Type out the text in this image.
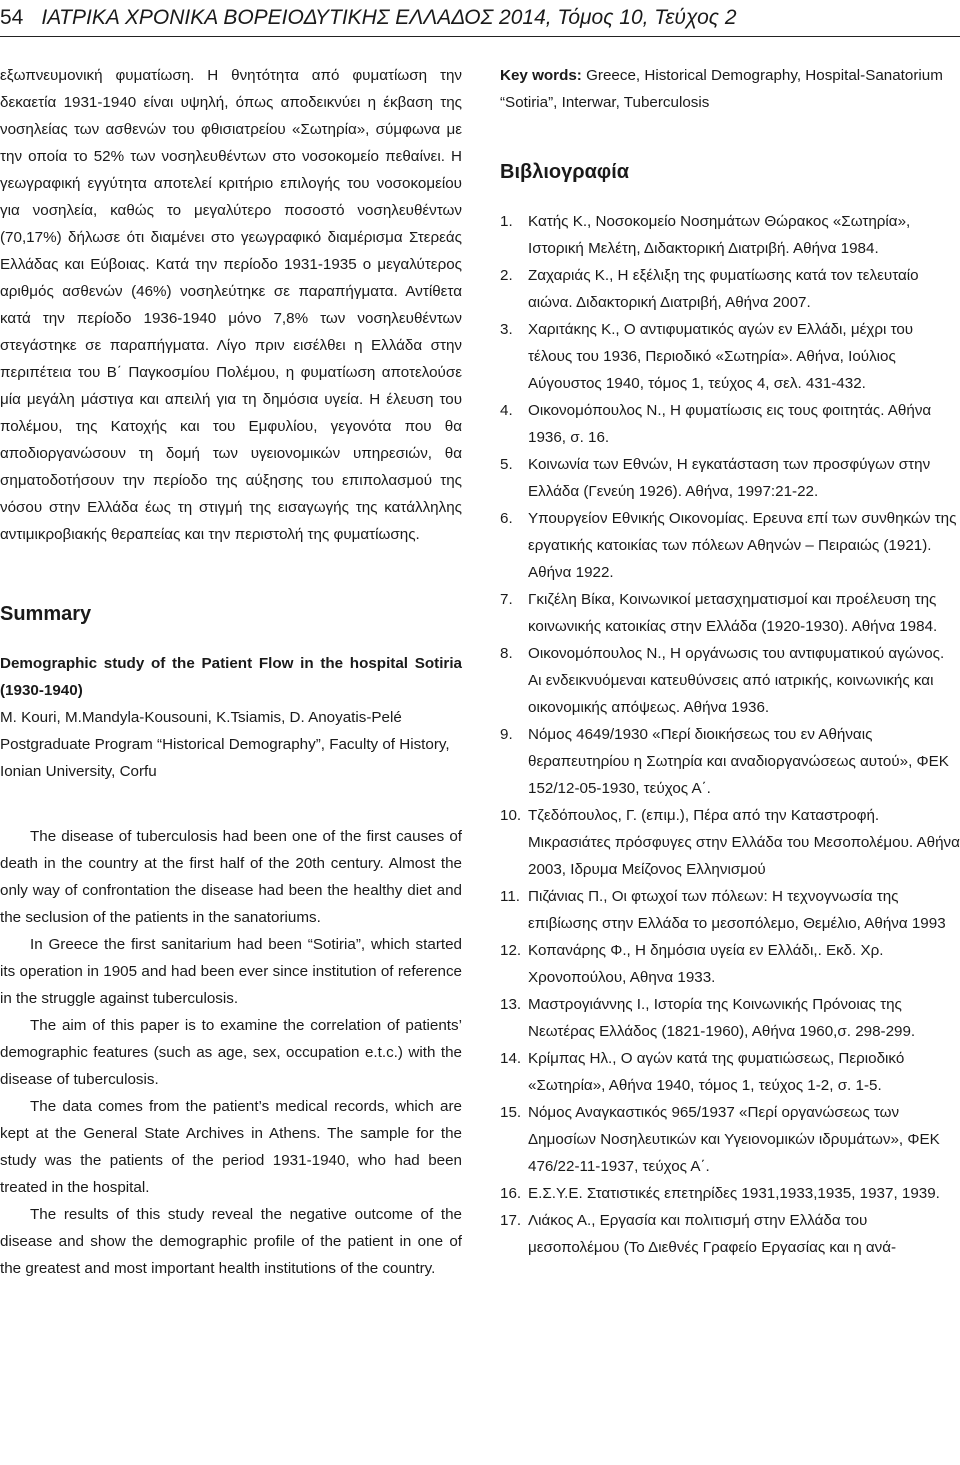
54 ΙΑΤΡΙΚΑ ΧΡΟΝΙΚΑ ΒΟΡΕΙΟΔΥΤΙΚΗΣ ΕΛΛΑΔΟΣ 2014, Τόμος 10, Τεύχος 2

εξωπνευμονική φυματίωση. Η θνητότητα από φυματίωση την δεκαετία 1931-1940 είναι υψηλή, όπως αποδεικνύει η έκβαση της νοσηλείας των ασθενών του φθισιατρείου «Σωτηρία», σύμφωνα με την οποία το 52% των νοσηλευθέντων στο νοσοκομείο πεθαίνει. Η γεωγραφική εγγύτητα αποτελεί κριτήριο επιλογής του νοσοκομείου για νοσηλεία, καθώς το μεγαλύτερο ποσοστό νοσηλευθέντων (70,17%) δήλωσε ότι διαμένει στο γεωγραφικό διαμέρισμα Στερεάς Ελλάδας και Εύβοιας. Κατά την περίοδο 1931-1935 ο μεγαλύτερος αριθμός ασθενών (46%) νοσηλεύτηκε σε παραπήγματα. Αντίθετα κατά την περίοδο 1936-1940 μόνο 7,8% των νοσηλευθέντων στεγάστηκε σε παραπήγματα. Λίγο πριν εισέλθει η Ελλάδα στην περιπέτεια του Β΄ Παγκοσμίου Πολέμου, η φυματίωση αποτελούσε μία μεγάλη μάστιγα και απειλή για τη δημόσια υγεία. Η έλευση του πολέμου, της Κατοχής και του Εμφυλίου, γεγονότα που θα αποδιοργανώσουν τη δομή των υγειονομικών υπηρεσιών, θα σηματοδοτήσουν την περίοδο της αύξησης του επιπολασμού της νόσου στην Ελλάδα έως τη στιγμή της εισαγωγής της κατάλληλης αντιμικροβιακής θεραπείας και την περιστολή της φυματίωσης.

Summary

Demographic study of the Patient Flow in the hospital Sotiria (1930-1940)

M. Kouri, M.Mandyla-Kousouni, K.Tsiamis, D. Anoyatis-Pelé

Postgraduate Program “Historical Demography”, Faculty of History, Ionian University, Corfu

The disease of tuberculosis had been one of the first causes of death in the country at the first half of the 20th century. Almost the only way of confrontation the disease had been the healthy diet and the seclusion of the patients in the sanatoriums.

In Greece the first sanitarium had been “Sotiria”, which started its operation in 1905 and had been ever since institution of reference in the struggle against tuberculosis.

The aim of this paper is to examine the correlation of patients’ demographic features (such as age, sex, occupation e.t.c.) with the disease of tuberculosis.

The data comes from the patient’s medical records, which are kept at the General State Archives in Athens. The sample for the study was the patients of the period 1931-1940, who had been treated in the hospital.

The results of this study reveal the negative outcome of the disease and show the demographic profile of the patient in one of the greatest and most important health institutions of the country.

Key words: Greece, Historical Demography, Hospital-Sanatorium “Sotiria”, Interwar, Tuberculosis

Βιβλιογραφία
1.	Κατής Κ., Νοσοκομείο Νοσημάτων Θώρακος «Σωτηρία», Ιστορική Μελέτη, Διδακτορική Διατριβή. Αθήνα 1984.
2.	Ζαχαριάς Κ., Η εξέλιξη της φυματίωσης κατά τον τελευταίο αιώνα. Διδακτορική Διατριβή, Αθήνα 2007.
3.	Χαριτάκης Κ., Ο αντιφυματικός αγών εν Ελλάδι, μέχρι του τέλους του 1936, Περιοδικό «Σωτηρία». Αθήνα, Ιούλιος Αύγουστος 1940, τόμος 1, τεύχος 4, σελ. 431-432.
4.	Οικονομόπουλος Ν., Η φυματίωσις εις τους φοιτητάς. Αθήνα 1936, σ. 16.
5.	Κοινωνία των Εθνών, Η εγκατάσταση των προσφύγων στην Ελλάδα (Γενεύη 1926). Αθήνα, 1997:21-22.
6.	Υπουργείον Εθνικής Οικονομίας. Ερευνα επί των συνθηκών της εργατικής κατοικίας των πόλεων Αθηνών – Πειραιώς (1921). Αθήνα 1922.
7.	Γκιζέλη Βίκα, Κοινωνικοί μετασχηματισμοί και προέλευση της κοινωνικής κατοικίας στην Ελλάδα (1920-1930). Αθήνα 1984.
8.	Οικονομόπουλος Ν., Η οργάνωσις του αντιφυματικού αγώνος. Αι ενδεικνυόμεναι κατευθύνσεις από ιατρικής, κοινωνικής και οικονομικής απόψεως. Αθήνα 1936.
9.	Νόμος 4649/1930 «Περί διοικήσεως του εν Αθήναις θεραπευτηρίου η Σωτηρία και αναδιοργανώσεως αυτού», ΦΕΚ 152/12-05-1930, τεύχος Α΄.
10. Τζεδόπουλος, Γ. (επιμ.), Πέρα από την Καταστροφή. Μικρασιάτες πρόσφυγες στην Ελλάδα του Μεσοπολέμου. Αθήνα 2003, Ιδρυμα Μείζονος Ελληνισμού
11. Πιζάνιας Π., Οι φτωχοί των πόλεων: Η τεχνογνωσία της επιβίωσης στην Ελλάδα το μεσοπόλεμο, Θεμέλιο, Αθήνα 1993
12. Κοπανάρης Φ., Η δημόσια υγεία εν Ελλάδι,. Εκδ. Χρ. Χρονοπούλου, Αθηνα 1933.
13. Μαστρογιάννης Ι., Ιστορία της Κοινωνικής Πρόνοιας της Νεωτέρας Ελλάδος (1821-1960), Αθήνα 1960,σ. 298-299.
14. Κρίμπας Ηλ., Ο αγών κατά της φυματιώσεως, Περιοδικό «Σωτηρία», Αθήνα 1940, τόμος 1, τεύχος 1-2, σ. 1-5.
15. Νόμος Αναγκαστικός 965/1937 «Περί οργανώσεως των Δημοσίων Νοσηλευτικών και Υγειονομικών ιδρυμάτων», ΦΕΚ 476/22-11-1937, τεύχος Α΄.
16. Ε.Σ.Υ.Ε. Στατιστικές επετηρίδες 1931,1933,1935, 1937, 1939.
17. Λιάκος Α., Εργασία και πολιτισμή στην Ελλάδα του μεσοπολέμου (Το Διεθνές Γραφείο Εργασίας και η ανά-
